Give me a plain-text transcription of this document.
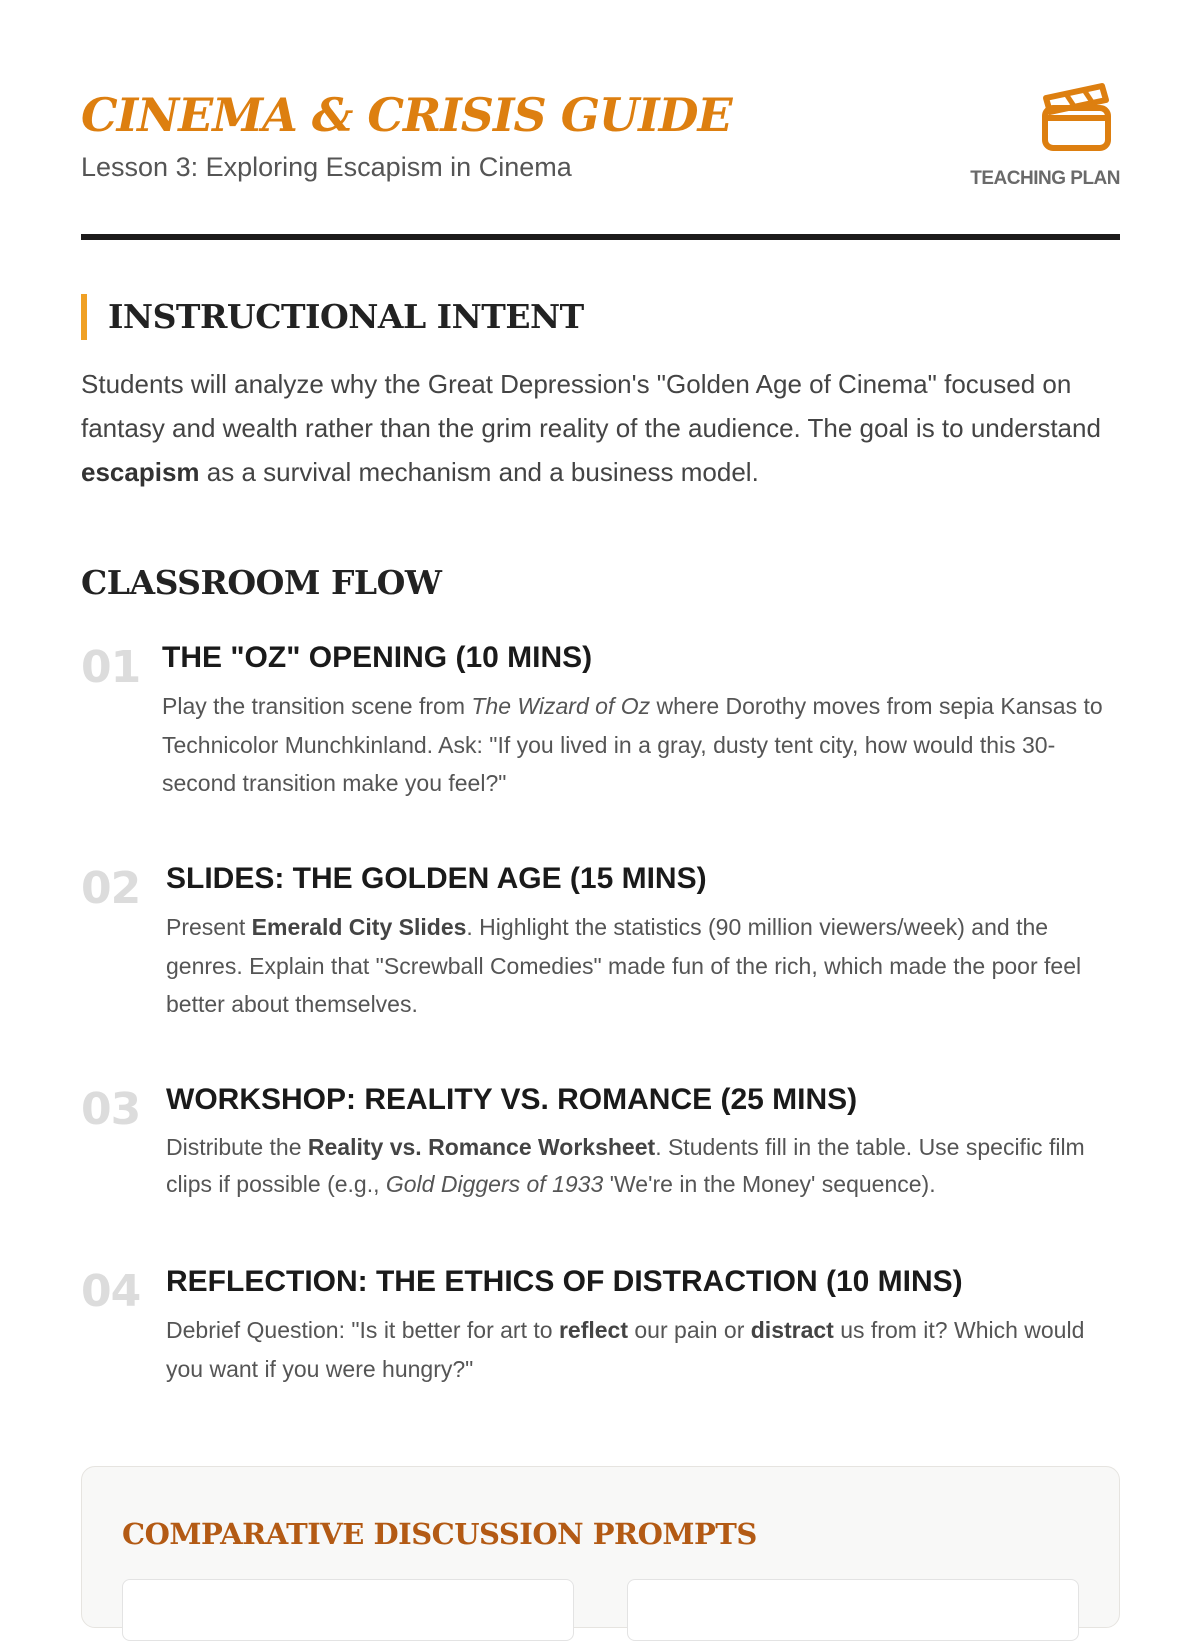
CINEMA & CRISIS GUIDE
Lesson 3: Exploring Escapism in Cinema	TEACHING PLAN
INSTRUCTIONAL INTENT

Students will analyze why the Great Depression's "Golden Age of Cinema" focused on fantasy and wealth rather than the grim reality of the audience. The goal is to understand escapism as a survival mechanism and a business model.

CLASSROOM FLOW
01 THE "OZ" OPENING (10 MINS)

Play the transition scene from The Wizard of Oz where Dorothy moves from sepia Kansas to Technicolor Munchkinland. Ask: "If you lived in a gray, dusty tent city, how would this 30-second transition make you feel?"

02 SLIDES: THE GOLDEN AGE (15 MINS)

Present Emerald City Slides. Highlight the statistics (90 million viewers/week) and the genres. Explain that "Screwball Comedies" made fun of the rich, which made the poor feel better about themselves.

03 WORKSHOP: REALITY VS. ROMANCE (25 MINS)

Distribute the Reality vs. Romance Worksheet. Students fill in the table. Use specific film clips if possible (e.g., Gold Diggers of 1933 'We're in the Money' sequence).

04 REFLECTION: THE ETHICS OF DISTRACTION (10 MINS)

Debrief Question: "Is it better for art to reflect our pain or distract us from it? Which would you want if you were hungry?"

COMPARATIVE DISCUSSION PROMPTS
